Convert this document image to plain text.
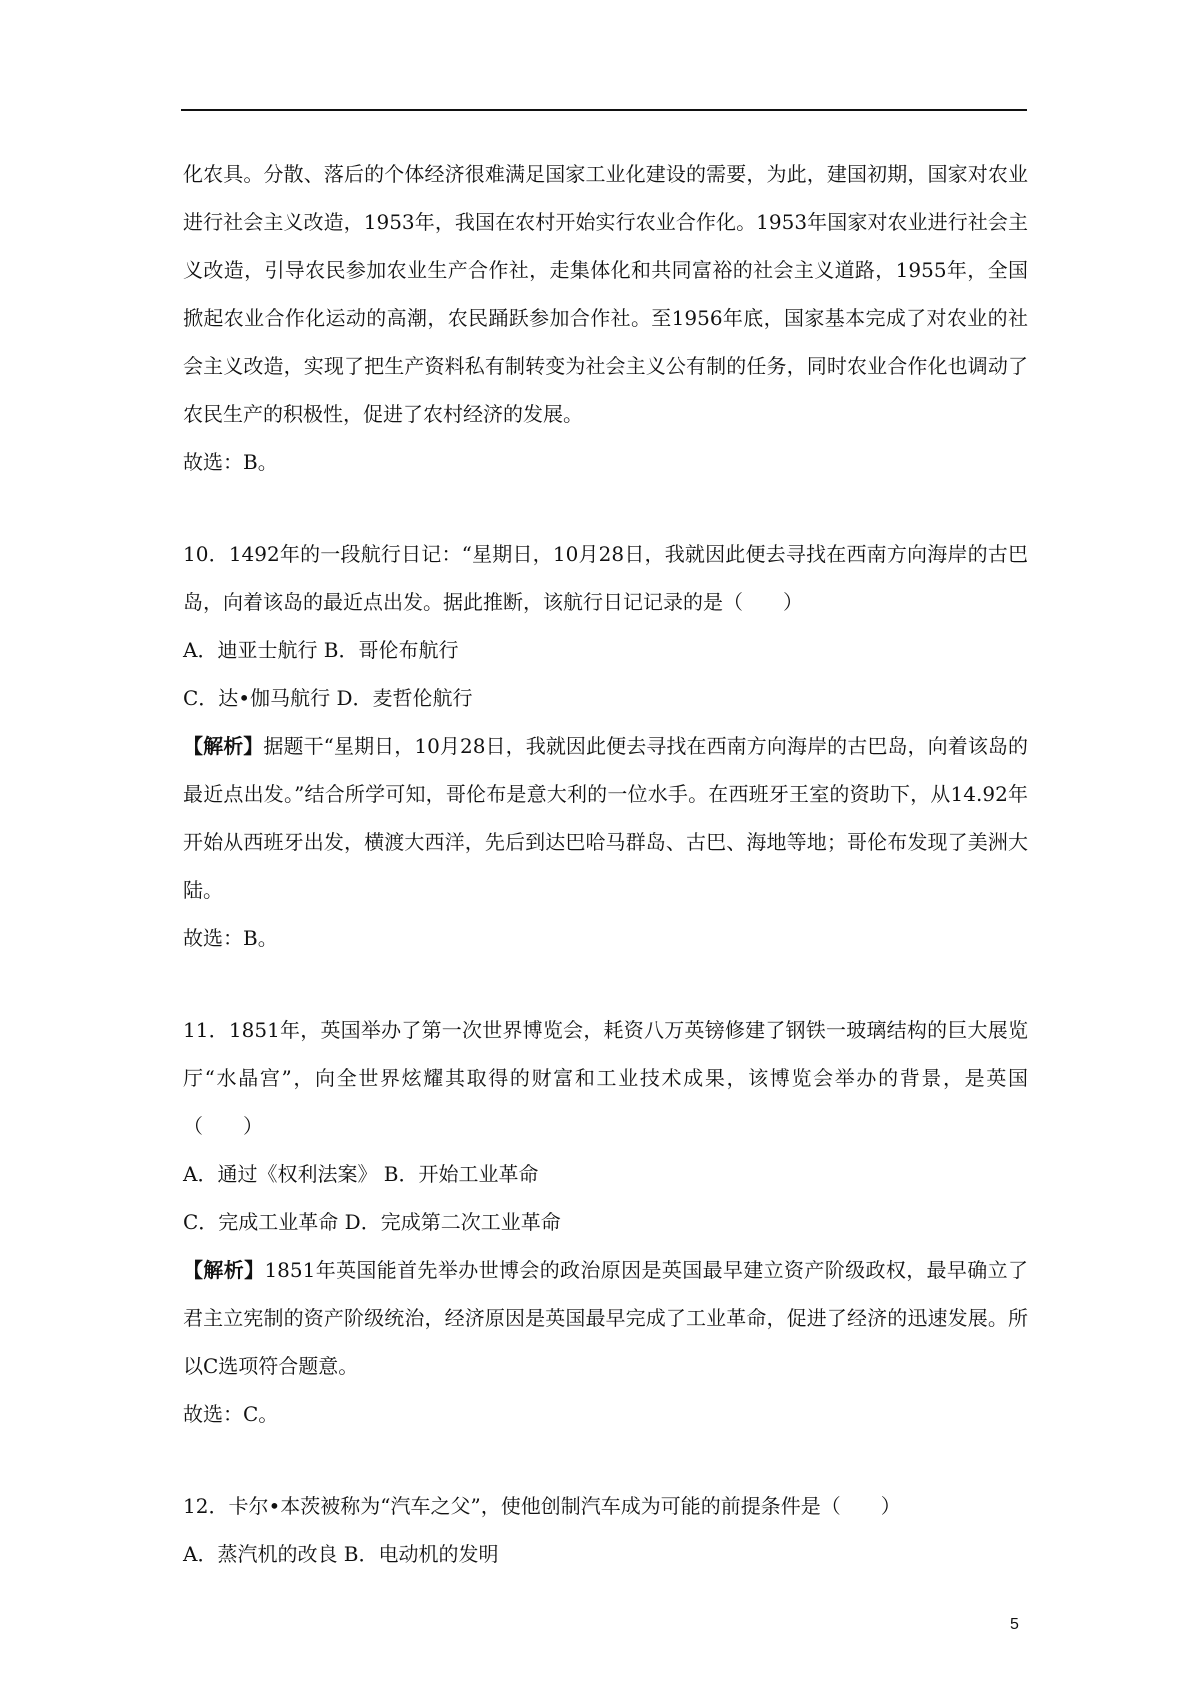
化农具。分散、落后的个体经济很难满足国家工业化建设的需要，为此，建国初期，国家对农业进行社会主义改造，1953年，我国在农村开始实行农业合作化。1953年国家对农业进行社会主义改造，引导农民参加农业生产合作社，走集体化和共同富裕的社会主义道路，1955年，全国掀起农业合作化运动的高潮，农民踊跃参加合作社。至1956年底，国家基本完成了对农业的社会主义改造，实现了把生产资料私有制转变为社会主义公有制的任务，同时农业合作化也调动了农民生产的积极性，促进了农村经济的发展。
故选：B。
10．1492年的一段航行日记：“星期日，10月28日，我就因此便去寻找在西南方向海岸的古巴岛，向着该岛的最近点出发。据此推断，该航行日记记录的是（　　）
A．迪亚士航行 B．哥伦布航行
C．达•伽马航行 D．麦哲伦航行
【解析】据题干“星期日，10月28日，我就因此便去寻找在西南方向海岸的古巴岛，向着该岛的最近点出发。”结合所学可知，哥伦布是意大利的一位水手。在西班牙王室的资助下，从14.92年开始从西班牙出发，横渡大西洋，先后到达巴哈马群岛、古巴、海地等地；哥伦布发现了美洲大陆。
故选：B。
11．1851年，英国举办了第一次世界博览会，耗资八万英镑修建了钢铁一玻璃结构的巨大展览厅“水晶宫”，向全世界炫耀其取得的财富和工业技术成果，该博览会举办的背景，是英国（　　）
A．通过《权利法案》 B．开始工业革命
C．完成工业革命 D．完成第二次工业革命
【解析】1851年英国能首先举办世博会的政治原因是英国最早建立资产阶级政权，最早确立了君主立宪制的资产阶级统治，经济原因是英国最早完成了工业革命，促进了经济的迅速发展。所以C选项符合题意。
故选：C。
12．卡尔•本茨被称为“汽车之父”，使他创制汽车成为可能的前提条件是（　　）
A．蒸汽机的改良 B．电动机的发明
5
